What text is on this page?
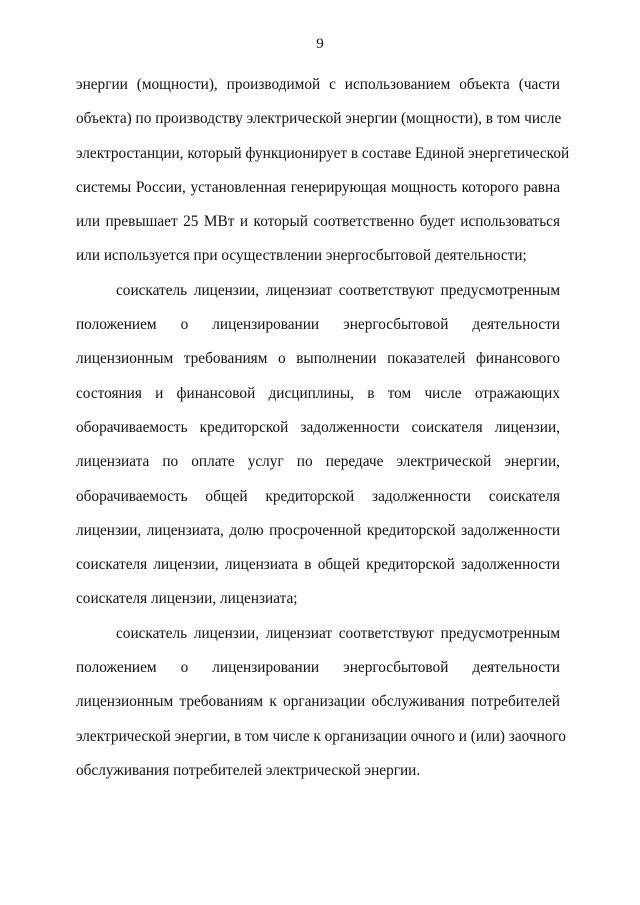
9
энергии (мощности), производимой с использованием объекта (части
объекта) по производству электрической энергии (мощности), в том числе
электростанции, который функционирует в составе Единой энергетической
системы России, установленная генерирующая мощность которого равна
или превышает 25 МВт и который соответственно будет использоваться
или используется при осуществлении энергосбытовой деятельности;
соискатель лицензии, лицензиат соответствуют предусмотренным
положением о лицензировании энергосбытовой деятельности
лицензионным требованиям о выполнении показателей финансового
состояния и финансовой дисциплины, в том числе отражающих
оборачиваемость кредиторской задолженности соискателя лицензии,
лицензиата по оплате услуг по передаче электрической энергии,
оборачиваемость общей кредиторской задолженности соискателя
лицензии, лицензиата, долю просроченной кредиторской задолженности
соискателя лицензии, лицензиата в общей кредиторской задолженности
соискателя лицензии, лицензиата;
соискатель лицензии, лицензиат соответствуют предусмотренным
положением о лицензировании энергосбытовой деятельности
лицензионным требованиям к организации обслуживания потребителей
электрической энергии, в том числе к организации очного и (или) заочного
обслуживания потребителей электрической энергии.
